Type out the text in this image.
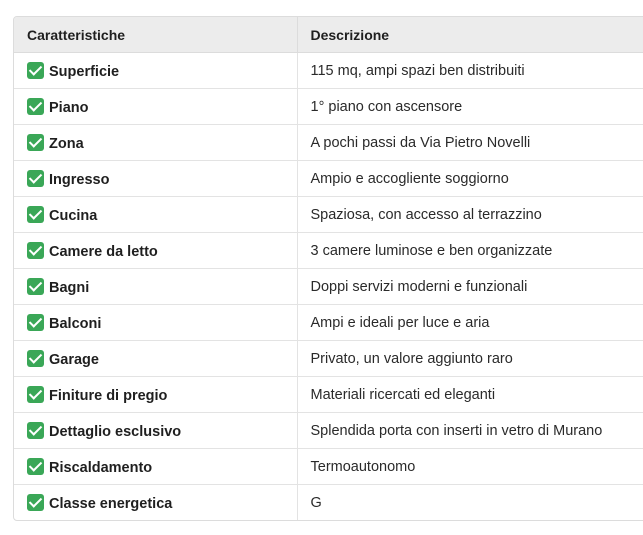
Caratteristiche	Descrizione
Superficie	115 mq, ampi spazi ben distribuiti
Piano	1° piano con ascensore
Zona	A pochi passi da Via Pietro Novelli
Ingresso	Ampio e accogliente soggiorno
Cucina	Spaziosa, con accesso al terrazzino
Camere da letto	3 camere luminose e ben organizzate
Bagni	Doppi servizi moderni e funzionali
Balconi	Ampi e ideali per luce e aria
Garage	Privato, un valore aggiunto raro
Finiture di pregio	Materiali ricercati ed eleganti
Dettaglio esclusivo	Splendida porta con inserti in vetro di Murano
Riscaldamento	Termoautonomo
Classe energetica	G
